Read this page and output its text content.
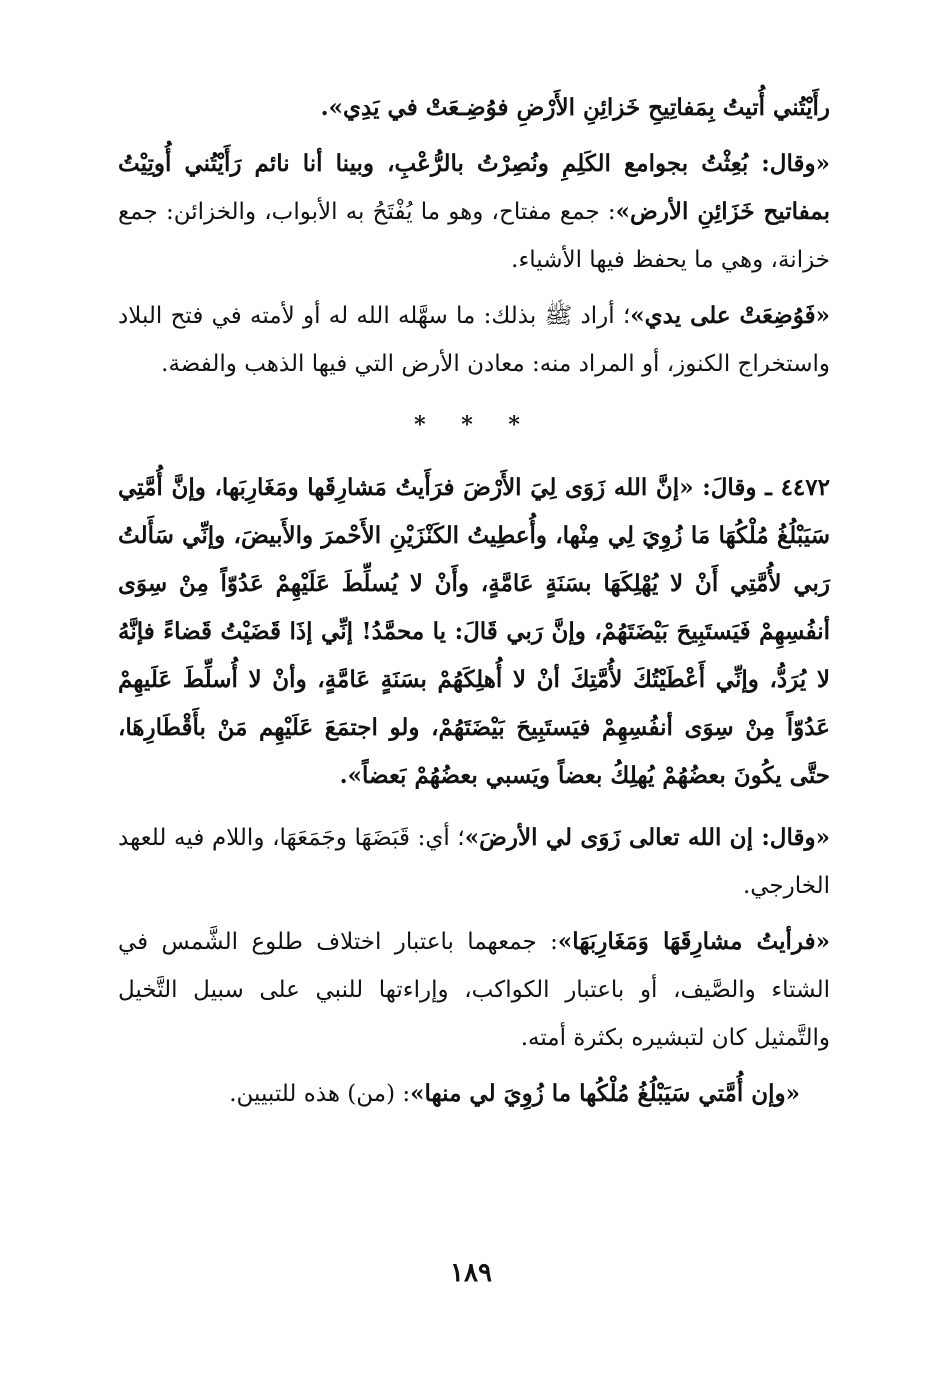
رأَيْتُني أُتيتُ بِمَفاتِيحِ خَزائِنِ الأَرْضِ فوُضِـعَتْ في يَدِي».

«وقال: بُعِثْتُ بجوامع الكَلِمِ ونُصِرْتُ بالرُّعْبِ، وبينا أنا نائم رَأَيْتُني أُوتِيْتُ بمفاتيح خَزَائِنِ الأرض»: جمع مفتاح، وهو ما يُفْتَحُ به الأبواب، والخزائن: جمع خزانة، وهي ما يحفظ فيها الأشياء.

«فَوُضِعَتْ على يدي»؛ أراد ﷺ بذلك: ما سهَّله الله له أو لأمته في فتح البلاد واستخراج الكنوز، أو المراد منه: معادن الأرض التي فيها الذهب والفضة.

* * *

٤٤٧٢ ـ وقالَ: «إنَّ الله زَوَى لِيَ الأَرْضَ فرَأَيتُ مَشارِقَها ومَغَارِبَها، وإنَّ أُمَّتِي سَيَبْلُغُ مُلْكُهَا مَا زُوِيَ لِي مِنْها، وأُعطِيتُ الكَنْزَيْنِ الأَحْمرَ والأَبيضَ، وإنِّي سَأَلتُ رَبي لأُمَّتِي أَنْ لا يُهْلِكَهَا بسَنَةٍ عَامَّةٍ، وأَنْ لا يُسلِّطَ عَلَيْهِمْ عَدُوّاً مِنْ سِوَى أنفُسِهِمْ فَيَستَبِيحَ بَيْضَتَهُمْ، وإنَّ رَبي قَالَ: يا محمَّدُ! إنِّي إذَا قَضَيْتُ قَضاءً فإنَّهُ لا يُرَدُّ، وإنِّي أَعْطَيْتُكَ لأُمَّتِكَ أنْ لا أُهلِكَهُمْ بسَنَةٍ عَامَّةٍ، وأنْ لا أُسلِّطَ عَلَيهِمْ عَدُوّاً مِنْ سِوَى أنفُسِهِمْ فيَستَبِيحَ بَيْضَتَهُمْ، ولو اجتمَعَ عَلَيْهِم مَنْ بأَقْطَارِهَا، حتَّى يكُونَ بعضُهُمْ يُهلِكُ بعضاً ويَسبي بعضُهُمْ بَعضاً».

«وقال: إن الله تعالى زَوَى لي الأرضَ»؛ أي: قَبَضَهَا وجَمَعَهَا، واللام فيه للعهد الخارجي.

«فرأيتُ مشارِقَهَا وَمَغَارِبَهَا»: جمعهما باعتبار اختلاف طلوع الشَّمس في الشتاء والصَّيف، أو باعتبار الكواكب، وإراءتها للنبي على سبيل التَّخيل والتَّمثيل كان لتبشيره بكثرة أمته.

«وإن أُمَّتي سَيَبْلُغُ مُلْكُها ما زُوِيَ لي منها»: (من) هذه للتبيين.

١٨٩
